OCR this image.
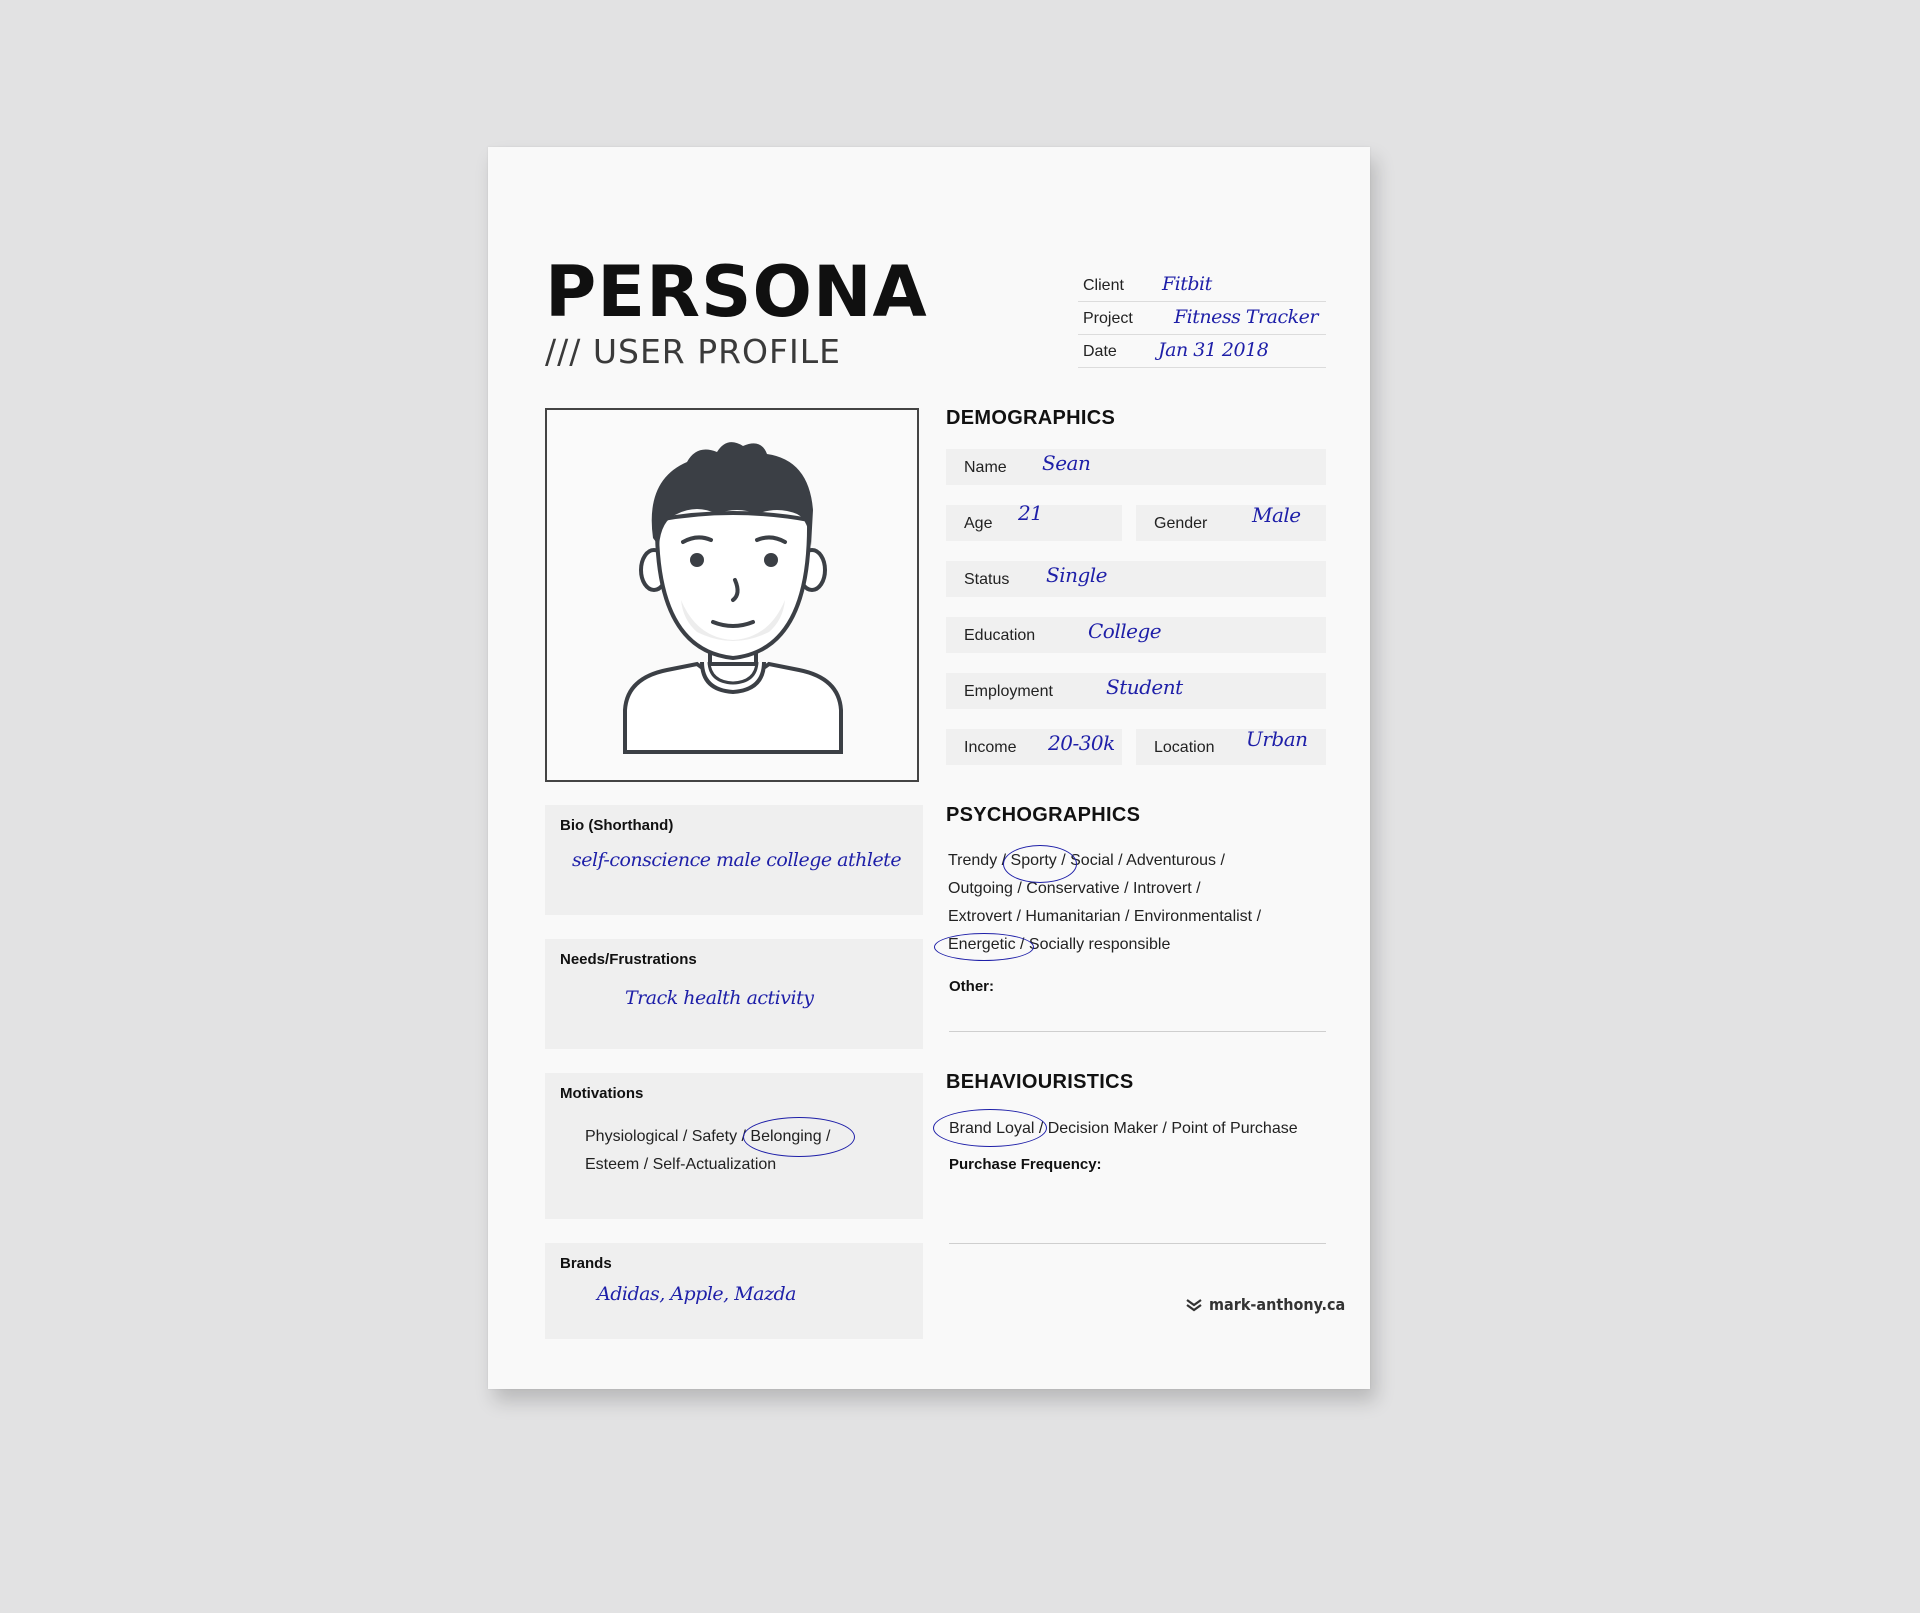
PERSONA
/// USER PROFILE
Client Fitbit
Project Fitness Tracker
Date Jan 31 2018
Bio (Shorthand)
self-conscience male college athlete
Needs/Frustrations
Track health activity
Motivations
Physiological / Safety / Belonging /
Esteem / Self-Actualization
Brands
Adidas, Apple, Mazda
DEMOGRAPHICS
Name Sean
Age 21	Gender Male
Status Single
Education	College
Employment	Student
Income 20-30k Location Urban
PSYCHOGRAPHICS
Trendy / Sporty / Social / Adventurous /
Outgoing / Conservative / Introvert /
Extrovert / Humanitarian / Environmentalist /
Energetic / Socially responsible
Other:
BEHAVIOURISTICS
Brand Loyal / Decision Maker / Point of Purchase
Purchase Frequency:
mark-anthony.ca
